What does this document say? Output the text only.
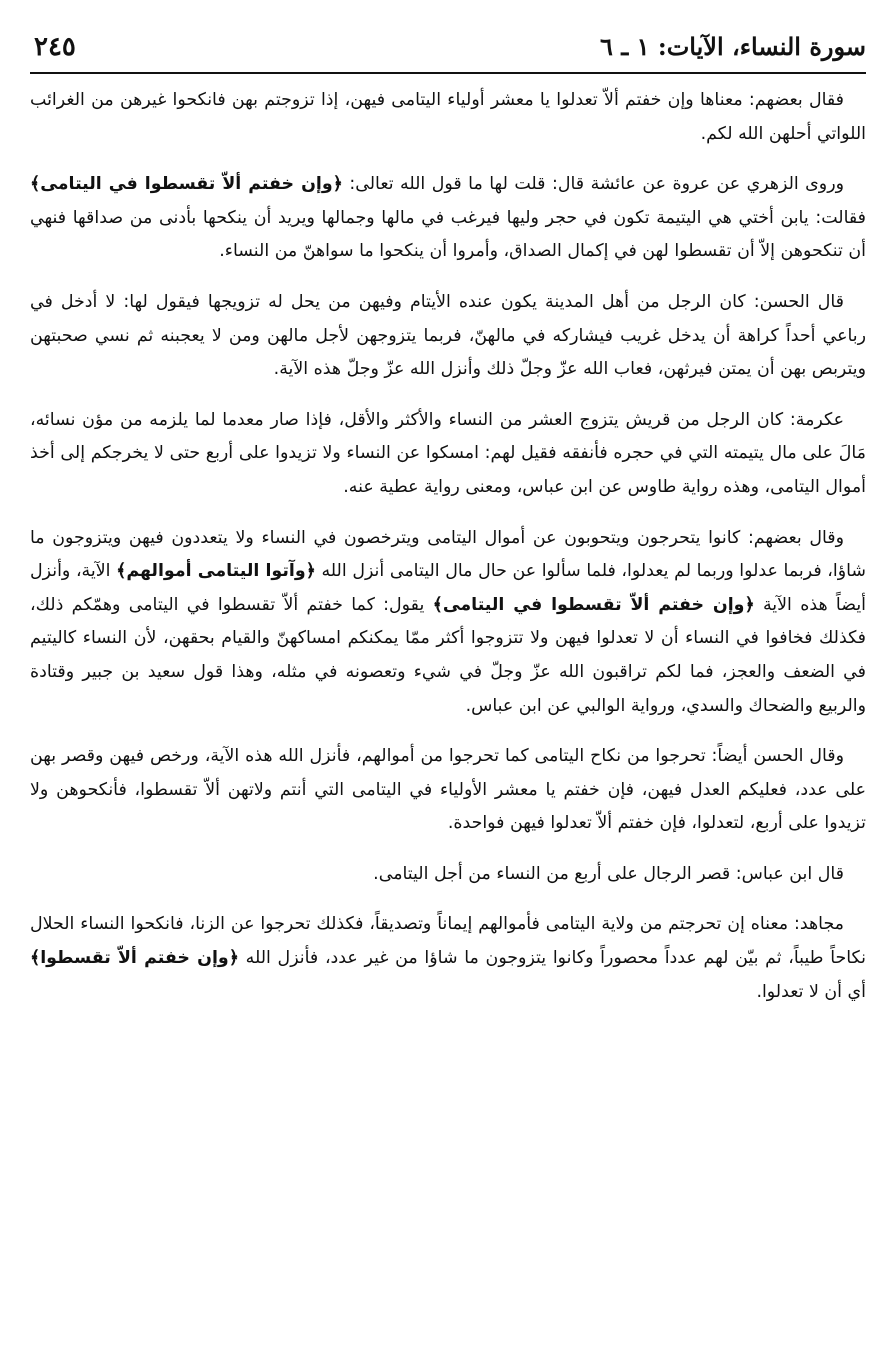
سورة النساء، الآيات: ١ ـ ٦
٢٤٥

فقال بعضهم: معناها وإن خفتم ألاّ تعدلوا يا معشر أولياء اليتامى فيهن، إذا تزوجتم بهن فانكحوا غيرهن من الغرائب اللواتي أحلهن الله لكم.

وروى الزهري عن عروة عن عائشة قال: قلت لها ما قول الله تعالى: ﴿وإن خفتم ألاّ تقسطوا في اليتامى﴾ فقالت: يابن أختي هي اليتيمة تكون في حجر وليها فيرغب في مالها وجمالها ويريد أن ينكحها بأدنى من صداقها فنهي أن تنكحوهن إلاّ أن تقسطوا لهن في إكمال الصداق، وأمروا أن ينكحوا ما سواهنّ من النساء.

قال الحسن: كان الرجل من أهل المدينة يكون عنده الأيتام وفيهن من يحل له تزويجها فيقول لها: لا أدخل في رباعي أحداً كراهة أن يدخل غريب فيشاركه في مالهنّ، فربما يتزوجهن لأجل مالهن ومن لا يعجبنه ثم نسي صحبتهن ويتربص بهن أن يمتن فيرثهن، فعاب الله عزّ وجلّ ذلك وأنزل الله عزّ وجلّ هذه الآية.

عكرمة: كان الرجل من قريش يتزوج العشر من النساء والأكثر والأقل، فإذا صار معدما لما يلزمه من مؤن نسائه، مَالَ على مال يتيمته التي في حجره فأنفقه فقيل لهم: امسكوا عن النساء ولا تزيدوا على أربع حتى لا يخرجكم إلى أخذ أموال اليتامى، وهذه رواية طاوس عن ابن عباس، ومعنى رواية عطية عنه.

وقال بعضهم: كانوا يتحرجون ويتحوبون عن أموال اليتامى ويترخصون في النساء ولا يتعددون فيهن ويتزوجون ما شاؤا، فربما عدلوا وربما لم يعدلوا، فلما سألوا عن حال مال اليتامى أنزل الله ﴿وآتوا اليتامى أموالهم﴾ الآية، وأنزل أيضاً هذه الآية ﴿وإن خفتم ألاّ تقسطوا في اليتامى﴾ يقول: كما خفتم ألاّ تقسطوا في اليتامى وهمّكم ذلك، فكذلك فخافوا في النساء أن لا تعدلوا فيهن ولا تتزوجوا أكثر ممّا يمكنكم امساكهنّ والقيام بحقهن، لأن النساء كاليتيم في الضعف والعجز، فما لكم تراقبون الله عزّ وجلّ في شيء وتعصونه في مثله، وهذا قول سعيد بن جبير وقتادة والربيع والضحاك والسدي، ورواية الوالبي عن ابن عباس.

وقال الحسن أيضاً: تحرجوا من نكاح اليتامى كما تحرجوا من أموالهم، فأنزل الله هذه الآية، ورخص فيهن وقصر بهن على عدد، فعليكم العدل فيهن، فإن خفتم يا معشر الأولياء في اليتامى التي أنتم ولاتهن ألاّ تقسطوا، فأنكحوهن ولا تزيدوا على أربع، لتعدلوا، فإن خفتم ألاّ تعدلوا فيهن فواحدة.

قال ابن عباس: قصر الرجال على أربع من النساء من أجل اليتامى.

مجاهد: معناه إن تحرجتم من ولاية اليتامى فأموالهم إيماناً وتصديقاً، فكذلك تحرجوا عن الزنا، فانكحوا النساء الحلال نكاحاً طيباً، ثم بيّن لهم عدداً محصوراً وكانوا يتزوجون ما شاؤا من غير عدد، فأنزل الله ﴿وإن خفتم ألاّ تقسطوا﴾ أي أن لا تعدلوا.
